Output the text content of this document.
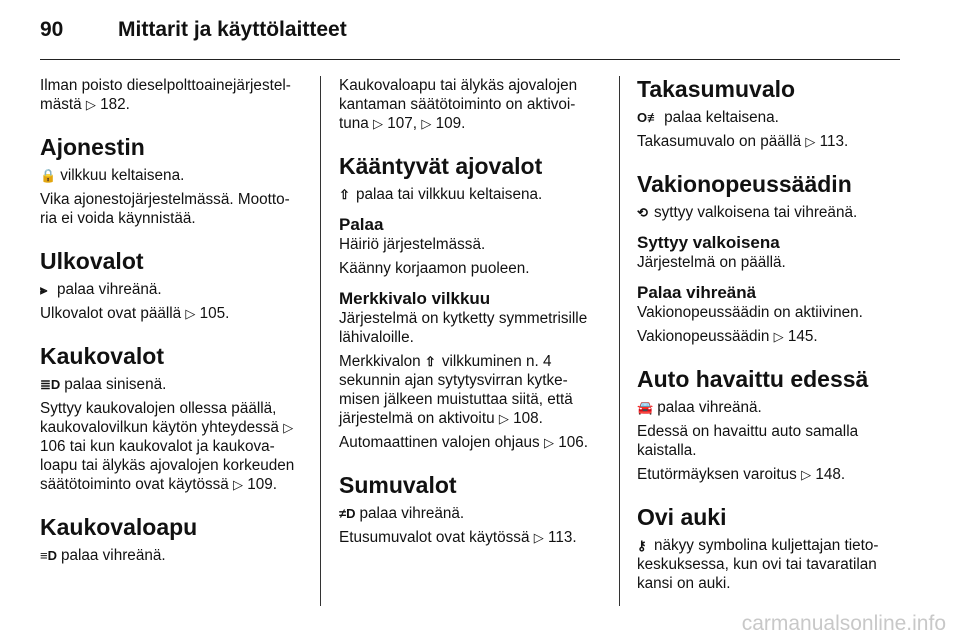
90	Mittarit ja käyttölaitteet

Ilman poisto dieselpolttoainejärjestel-
mästä ▷ 182.

Ajonestin

🔒 vilkkuu keltaisena.

Vika ajonestojärjestelmässä. Mootto- ria ei voida käynnistää.

Ulkovalot

⫸ palaa vihreänä.

Ulkovalot ovat päällä ▷ 105.

Kaukovalot

≣D palaa sinisenä.

Syttyy kaukovalojen ollessa päällä, kaukovalovilkun käytön yhteydessä ▷ 106 tai kun kaukovalot ja kaukova- loapu tai älykäs ajovalojen korkeuden säätötoiminto ovat käytössä ▷ 109.

Kaukovaloapu

≡D palaa vihreänä.

Kaukovaloapu tai älykäs ajovalojen kantaman säätötoiminto on aktivoi- tuna ▷ 107, ▷ 109.

Kääntyvät ajovalot

⇧ palaa tai vilkkuu keltaisena.

Palaa

Häiriö järjestelmässä.

Käänny korjaamon puoleen.

Merkkivalo vilkkuu

Järjestelmä on kytketty symmetrisille lähivaloille.

Merkkivalon ⇧ vilkkuminen n. 4 sekunnin ajan sytytysvirran kytke- misen jälkeen muistuttaa siitä, että järjestelmä on aktivoitu ▷ 108.

Automaattinen valojen ohjaus ▷ 106.

Sumuvalot

≠D palaa vihreänä.

Etusumuvalot ovat käytössä ▷ 113.

Takasumuvalo

O≢ palaa keltaisena.

Takasumuvalo on päällä ▷ 113.

Vakionopeussäädin

⟲ syttyy valkoisena tai vihreänä.

Syttyy valkoisena

Järjestelmä on päällä.

Palaa vihreänä

Vakionopeussäädin on aktiivinen.

Vakionopeussäädin ▷ 145.

Auto havaittu edessä

🚘 palaa vihreänä.

Edessä on havaittu auto samalla kaistalla.

Etutörmäyksen varoitus ▷ 148.

Ovi auki

⚷ näkyy symbolina kuljettajan tieto- keskuksessa, kun ovi tai tavaratilan kansi on auki.

carmanualsonline.info
